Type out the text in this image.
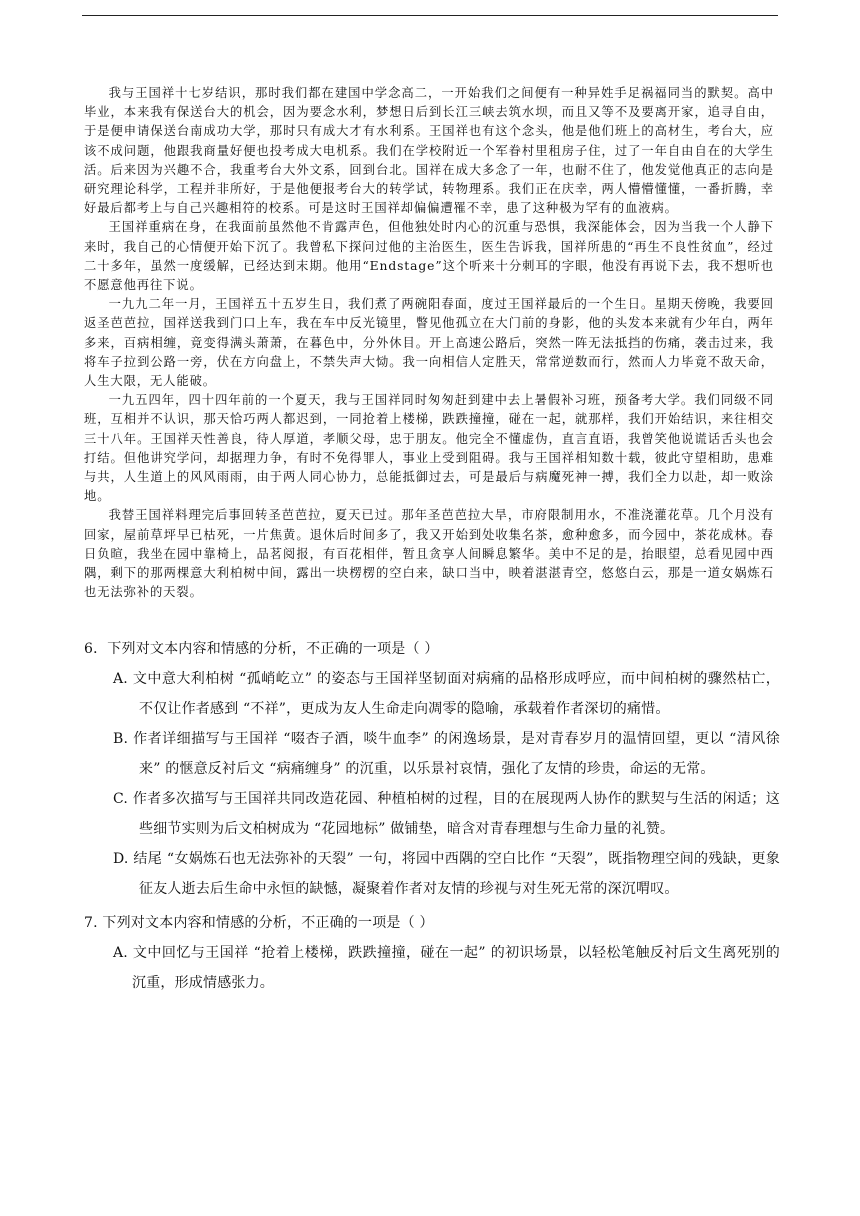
我与王国祥十七岁结识，那时我们都在建国中学念高二，一开始我们之间便有一种异姓手足祸福同当的默契。高中毕业，本来我有保送台大的机会，因为要念水利，梦想日后到长江三峡去筑水坝，而且又等不及要离开家，追寻自由，于是便申请保送台南成功大学，那时只有成大才有水利系。王国祥也有这个念头，他是他们班上的高材生，考台大，应该不成问题，他跟我商量好便也投考成大电机系。我们在学校附近一个军眷村里租房子住，过了一年自由自在的大学生活。后来因为兴趣不合，我重考台大外文系，回到台北。国祥在成大多念了一年，也耐不住了，他发觉他真正的志向是研究理论科学，工程并非所好，于是他便报考台大的转学试，转物理系。我们正在庆幸，两人懵懵懂懂，一番折腾，幸好最后都考上与自己兴趣相符的校系。可是这时王国祥却偏偏遭罹不幸，患了这种极为罕有的血液病。

王国祥重病在身，在我面前虽然他不肯露声色，但他独处时内心的沉重与恐惧，我深能体会，因为当我一个人静下来时，我自己的心情便开始下沉了。我曾私下探问过他的主治医生，医生告诉我，国祥所患的“再生不良性贫血”，经过二十多年，虽然一度缓解，已经达到末期。他用“Endstage”这个听来十分刺耳的字眼，他没有再说下去，我不想听也不愿意他再往下说。

一九九二年一月，王国祥五十五岁生日，我们煮了两碗阳春面，度过王国祥最后的一个生日。星期天傍晚，我要回返圣芭芭拉，国祥送我到门口上车，我在车中反光镜里，瞥见他孤立在大门前的身影，他的头发本来就有少年白，两年多来，百病相缠，竟变得满头萧萧，在暮色中，分外休目。开上高速公路后，突然一阵无法抵挡的伤痛，袭击过来，我将车子拉到公路一旁，伏在方向盘上，不禁失声大恸。我一向相信人定胜天，常常逆数而行，然而人力毕竟不敌天命，人生大限，无人能破。

一九五四年，四十四年前的一个夏天，我与王国祥同时匆匆赶到建中去上暑假补习班，预备考大学。我们同级不同班，互相并不认识，那天恰巧两人都迟到，一同抢着上楼梯，跌跌撞撞，碰在一起，就那样，我们开始结识，来往相交三十八年。王国祥天性善良，待人厚道，孝顺父母，忠于朋友。他完全不懂虚伪，直言直语，我曾笑他说谎话舌头也会打结。但他讲究学问，却据理力争，有时不免得罪人，事业上受到阻碍。我与王国祥相知数十载，彼此守望相助，患难与共，人生道上的风风雨雨，由于两人同心协力，总能抵御过去，可是最后与病魔死神一搏，我们全力以赴，却一败涂地。

我替王国祥料理完后事回转圣芭芭拉，夏天已过。那年圣芭芭拉大旱，市府限制用水，不准浇灌花草。几个月没有回家，屋前草坪早已枯死，一片焦黄。退休后时间多了，我又开始到处收集名茶，愈种愈多，而今园中，茶花成林。春日负暄，我坐在园中靠椅上，品茗阅报，有百花相伴，暂且贪享人间瞬息繁华。美中不足的是，抬眼望，总看见园中西隅，剩下的那两棵意大利柏树中间，露出一块楞楞的空白来，缺口当中，映着湛湛青空，悠悠白云，那是一道女娲炼石也无法弥补的天裂。

6．下列对文本内容和情感的分析，不正确的一项是（ ）

A. 文中意大利柏树 “孤峭屹立” 的姿态与王国祥坚韧面对病痛的品格形成呼应，而中间柏树的骤然枯亡，不仅让作者感到 “不祥”，更成为友人生命走向凋零的隐喻，承载着作者深切的痛惜。

B. 作者详细描写与王国祥 “啜杏子酒，啖牛血李” 的闲逸场景，是对青春岁月的温情回望，更以 “清风徐来” 的惬意反衬后文 “病痛缠身” 的沉重，以乐景衬哀情，强化了友情的珍贵，命运的无常。

C. 作者多次描写与王国祥共同改造花园、种植柏树的过程，目的在展现两人协作的默契与生活的闲适；这些细节实则为后文柏树成为 “花园地标” 做铺垫，暗含对青春理想与生命力量的礼赞。

D. 结尾 “女娲炼石也无法弥补的天裂” 一句，将园中西隅的空白比作 “天裂”，既指物理空间的残缺，更象征友人逝去后生命中永恒的缺憾，凝聚着作者对友情的珍视与对生死无常的深沉喟叹。

7. 下列对文本内容和情感的分析，不正确的一项是（ ）

A. 文中回忆与王国祥 “抢着上楼梯，跌跌撞撞，碰在一起” 的初识场景，以轻松笔触反衬后文生离死别的沉重，形成情感张力。
